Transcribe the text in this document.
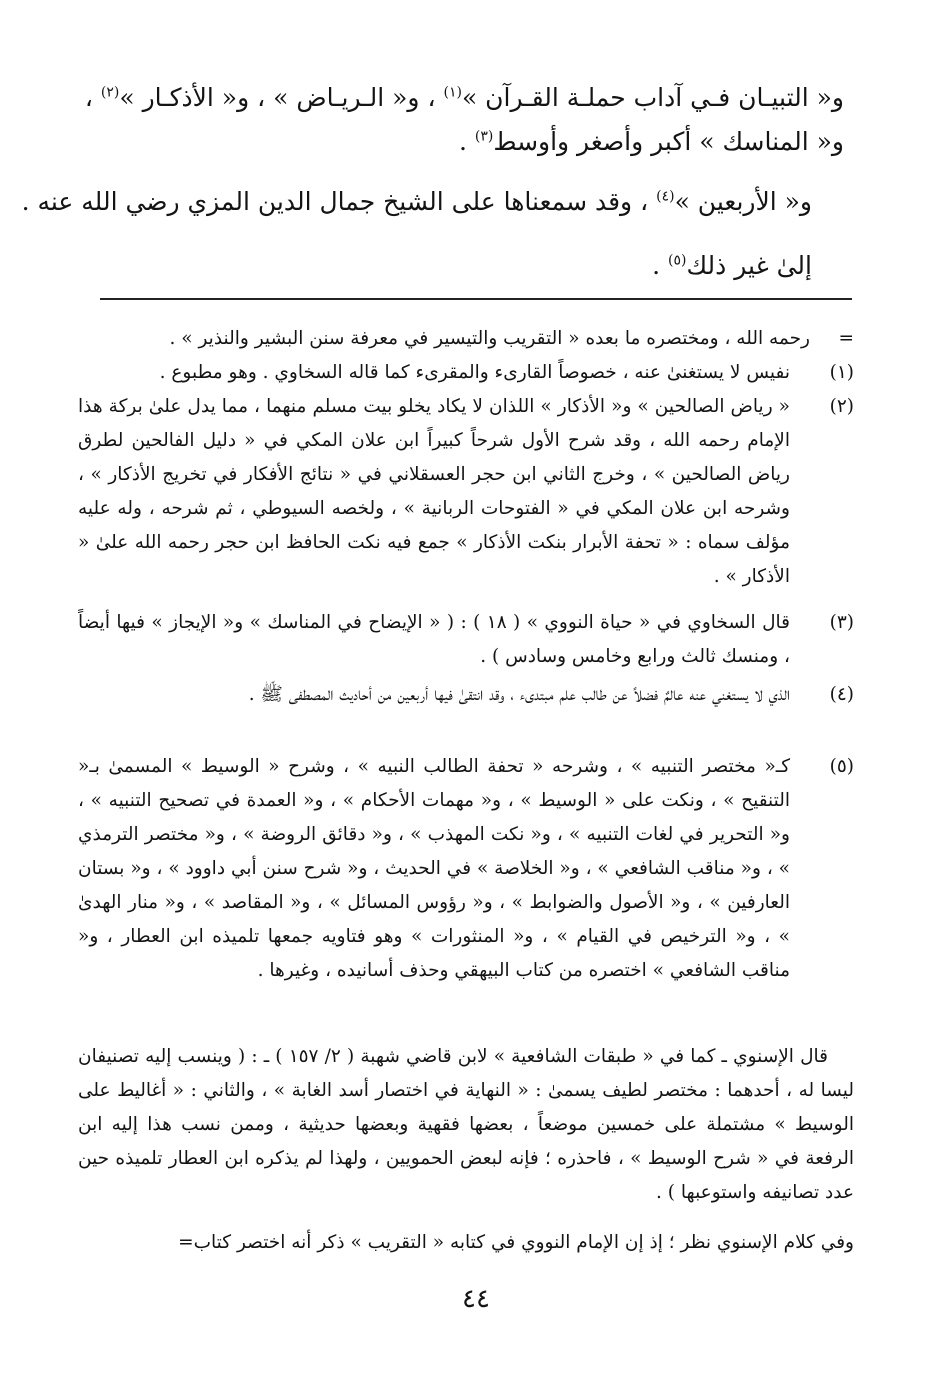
و« التبيـان فـي آداب حملـة القـرآن »$^{(١)}$ ، و« الـريـاض » ، و« الأذكـار »$^{(٢)}$ ،

و« المناسك » أكبر وأصغر وأوسط$^{(٣)}$ .

و« الأربعين »$^{(٤)}$ ، وقد سمعناها على الشيخ جمال الدين المزي رضي الله عنه .

إلىٰ غير ذلك$^{(٥)}$ .

=
رحمه الله ، ومختصره ما بعده « التقريب والتيسير في معرفة سنن البشير والنذير » .
(١)
نفيس لا يستغنىٰ عنه ، خصوصاً القارىء والمقرىء كما قاله السخاوي . وهو مطبوع .
(٢)
« رياض الصالحين » و« الأذكار » اللذان لا يكاد يخلو بيت مسلم منهما ، مما يدل علىٰ بركة هذا الإمام رحمه الله ، وقد شرح الأول شرحاً كبيراً ابن علان المكي في « دليل الفالحين لطرق رياض الصالحين » ، وخرج الثاني ابن حجر العسقلاني في « نتائج الأفكار في تخريج الأذكار » ، وشرحه ابن علان المكي في « الفتوحات الربانية » ، ولخصه السيوطي ، ثم شرحه ، وله عليه مؤلف سماه : « تحفة الأبرار بنكت الأذكار » جمع فيه نكت الحافظ ابن حجر رحمه الله علىٰ « الأذكار » .
(٣)
قال السخاوي في « حياة النووي » ( ١٨ ) : ( « الإيضاح في المناسك » و« الإيجاز » فيها أيضاً ، ومنسك ثالث ورابع وخامس وسادس ) .
(٤)
الذي لا يستغني عنه عالمٌ فضلاً عن طالب علم مبتدىء ، وقد انتقىٰ فيها أربعين من أحاديث المصطفى ﷺ .
(٥)
كـ« مختصر التنبيه » ، وشرحه « تحفة الطالب النبيه » ، وشرح « الوسيط » المسمىٰ بـ« التنقيح » ، ونكت على « الوسيط » ، و« مهمات الأحكام » ، و« العمدة في تصحيح التنبيه » ، و« التحرير في لغات التنبيه » ، و« نكت المهذب » ، و« دقائق الروضة » ، و« مختصر الترمذي » ، و« مناقب الشافعي » ، و« الخلاصة » في الحديث ، و« شرح سنن أبي داوود » ، و« بستان العارفين » ، و« الأصول والضوابط » ، و« رؤوس المسائل » ، و« المقاصد » ، و« منار الهدىٰ » ، و« الترخيص في القيام » ، و« المنثورات » وهو فتاويه جمعها تلميذه ابن العطار ، و« مناقب الشافعي » اختصره من كتاب البيهقي وحذف أسانيده ، وغيرها .
قال الإسنوي ـ كما في « طبقات الشافعية » لابن قاضي شهبة ( ٢/ ١٥٧ ) ـ : ( وينسب إليه تصنيفان ليسا له ، أحدهما : مختصر لطيف يسمىٰ : « النهاية في اختصار أسد الغابة » ، والثاني : « أغاليط على الوسيط » مشتملة على خمسين موضعاً ، بعضها فقهية وبعضها حديثية ، وممن نسب هذا إليه ابن الرفعة في « شرح الوسيط » ، فاحذره ؛ فإنه لبعض الحمويين ، ولهذا لم يذكره ابن العطار تلميذه حين عدد تصانيفه واستوعبها ) .
وفي كلام الإسنوي نظر ؛ إذ إن الإمام النووي في كتابه « التقريب » ذكر أنه اختصر كتاب=
٤٤
